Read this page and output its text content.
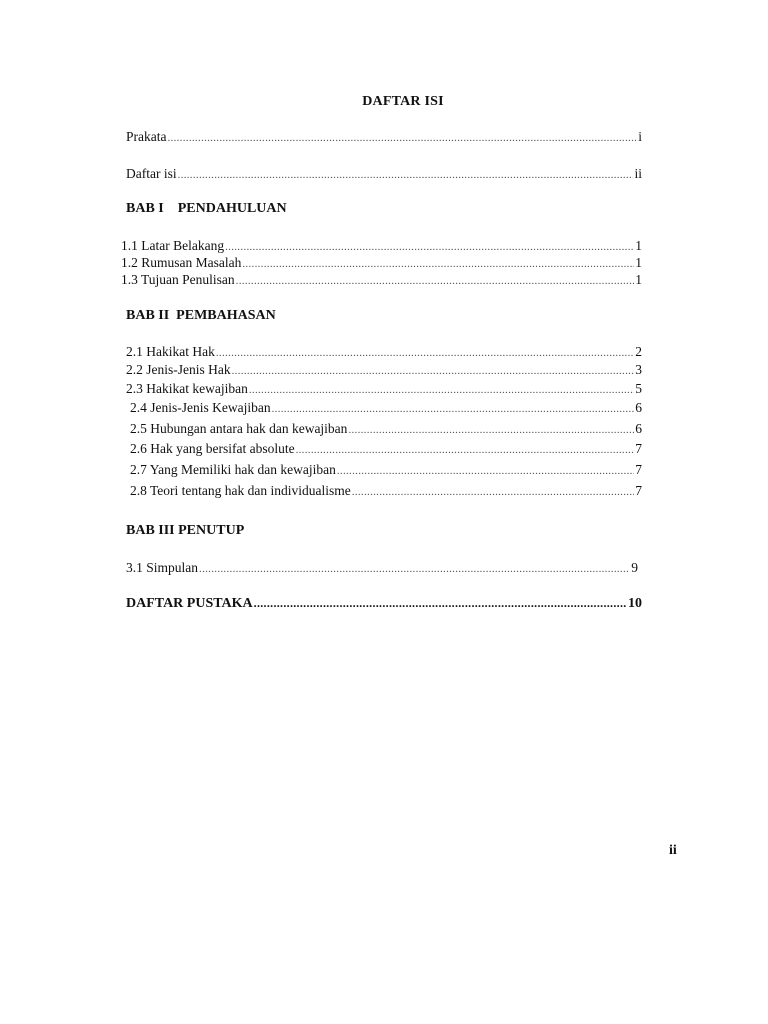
DAFTAR ISI
Prakata .....	i
Daftar isi .....	ii
BAB I    PENDAHULUAN
1.1 Latar Belakang .....	1
1.2 Rumusan Masalah .....	1
1.3 Tujuan Penulisan .....	1
BAB II  PEMBAHASAN
2.1 Hakikat Hak .....	2
2.2 Jenis-Jenis Hak .....	3
2.3 Hakikat kewajiban .....	5
2.4 Jenis-Jenis Kewajiban .....	6
2.5 Hubungan antara hak dan kewajiban .....	6
2.6 Hak yang bersifat absolute .....	7
2.7 Yang Memiliki hak dan kewajiban .....	7
2.8 Teori tentang hak dan individualisme .....	7
BAB III PENUTUP
3.1 Simpulan .....	9
DAFTAR PUSTAKA .....	10
ii
